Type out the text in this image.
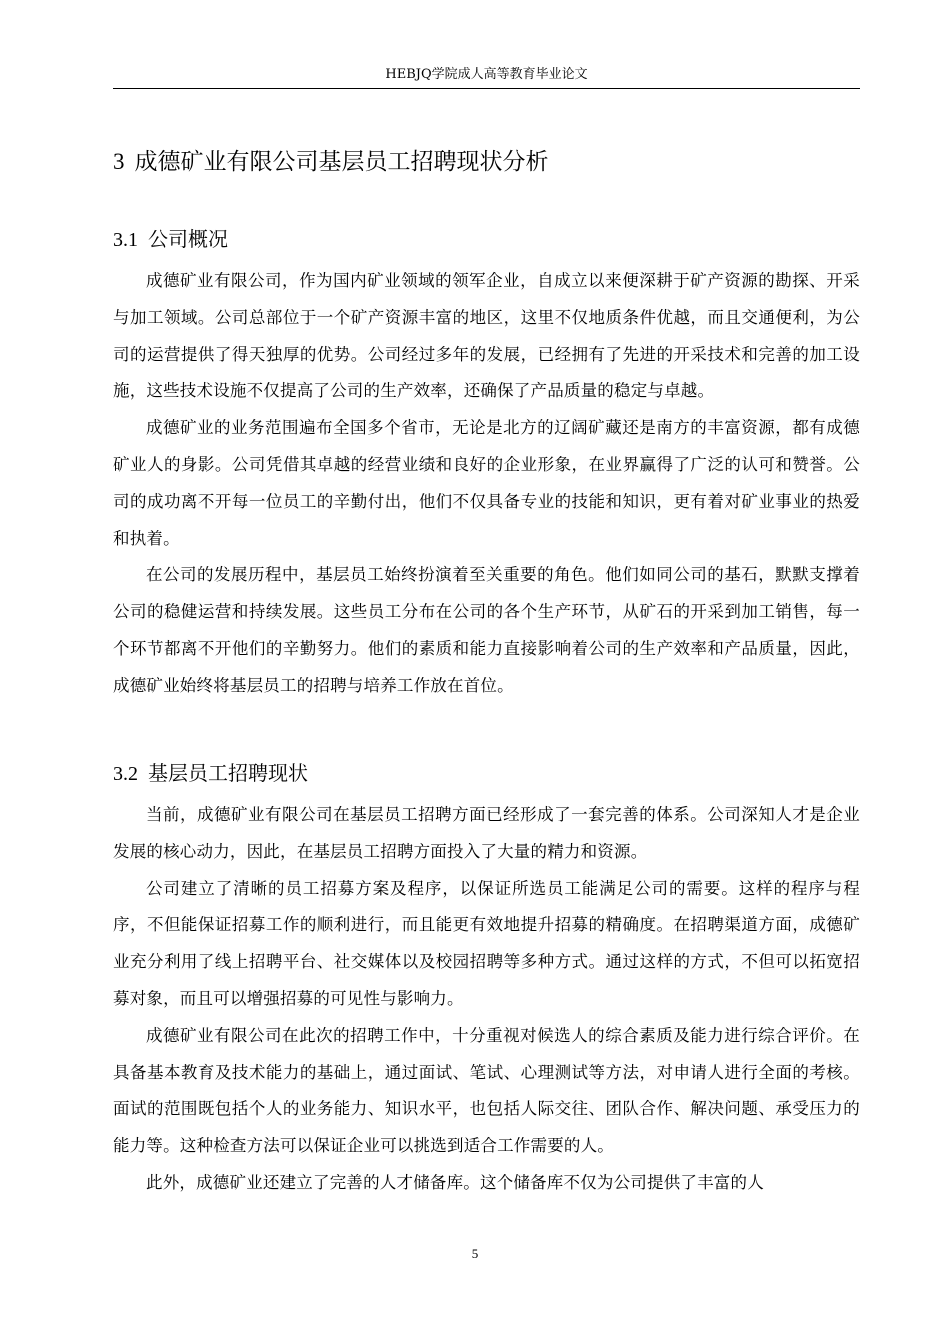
HEBJQ学院成人高等教育毕业论文
3 成德矿业有限公司基层员工招聘现状分析
3.1 公司概况

成德矿业有限公司，作为国内矿业领域的领军企业，自成立以来便深耕于矿产资源的勘探、开采与加工领域。公司总部位于一个矿产资源丰富的地区，这里不仅地质条件优越，而且交通便利，为公司的运营提供了得天独厚的优势。公司经过多年的发展，已经拥有了先进的开采技术和完善的加工设施，这些技术设施不仅提高了公司的生产效率，还确保了产品质量的稳定与卓越。

成德矿业的业务范围遍布全国多个省市，无论是北方的辽阔矿藏还是南方的丰富资源，都有成德矿业人的身影。公司凭借其卓越的经营业绩和良好的企业形象，在业界赢得了广泛的认可和赞誉。公司的成功离不开每一位员工的辛勤付出，他们不仅具备专业的技能和知识，更有着对矿业事业的热爱和执着。

在公司的发展历程中，基层员工始终扮演着至关重要的角色。他们如同公司的基石，默默支撑着公司的稳健运营和持续发展。这些员工分布在公司的各个生产环节，从矿石的开采到加工销售，每一个环节都离不开他们的辛勤努力。他们的素质和能力直接影响着公司的生产效率和产品质量，因此，成德矿业始终将基层员工的招聘与培养工作放在首位。

3.2 基层员工招聘现状

当前，成德矿业有限公司在基层员工招聘方面已经形成了一套完善的体系。公司深知人才是企业发展的核心动力，因此，在基层员工招聘方面投入了大量的精力和资源。

公司建立了清晰的员工招募方案及程序，以保证所选员工能满足公司的需要。这样的程序与程序，不但能保证招募工作的顺利进行，而且能更有效地提升招募的精确度。在招聘渠道方面，成德矿业充分利用了线上招聘平台、社交媒体以及校园招聘等多种方式。通过这样的方式，不但可以拓宽招募对象，而且可以增强招募的可见性与影响力。

成德矿业有限公司在此次的招聘工作中，十分重视对候选人的综合素质及能力进行综合评价。在具备基本教育及技术能力的基础上，通过面试、笔试、心理测试等方法，对申请人进行全面的考核。面试的范围既包括个人的业务能力、知识水平，也包括人际交往、团队合作、解决问题、承受压力的能力等。这种检查方法可以保证企业可以挑选到适合工作需要的人。

此外，成德矿业还建立了完善的人才储备库。这个储备库不仅为公司提供了丰富的人

5
